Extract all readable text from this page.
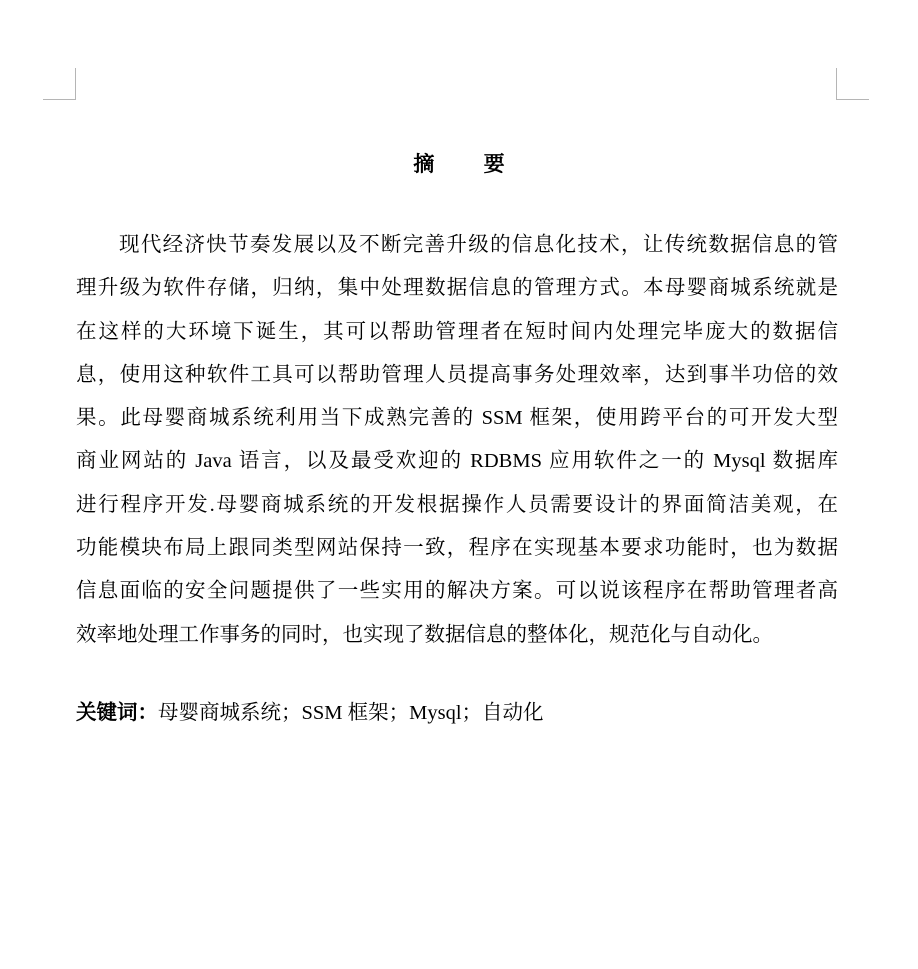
摘 要
现代经济快节奏发展以及不断完善升级的信息化技术，让传统数据信息的管
理升级为软件存储，归纳，集中处理数据信息的管理方式。本母婴商城系统就是
在这样的大环境下诞生，其可以帮助管理者在短时间内处理完毕庞大的数据信
息，使用这种软件工具可以帮助管理人员提高事务处理效率，达到事半功倍的效
果。此母婴商城系统利用当下成熟完善的 SSM 框架，使用跨平台的可开发大型
商业网站的 Java 语言，以及最受欢迎的 RDBMS 应用软件之一的 Mysql 数据库
进行程序开发.母婴商城系统的开发根据操作人员需要设计的界面简洁美观，在
功能模块布局上跟同类型网站保持一致，程序在实现基本要求功能时，也为数据
信息面临的安全问题提供了一些实用的解决方案。可以说该程序在帮助管理者高
效率地处理工作事务的同时，也实现了数据信息的整体化，规范化与自动化。
关键词：母婴商城系统；SSM 框架；Mysql；自动化
